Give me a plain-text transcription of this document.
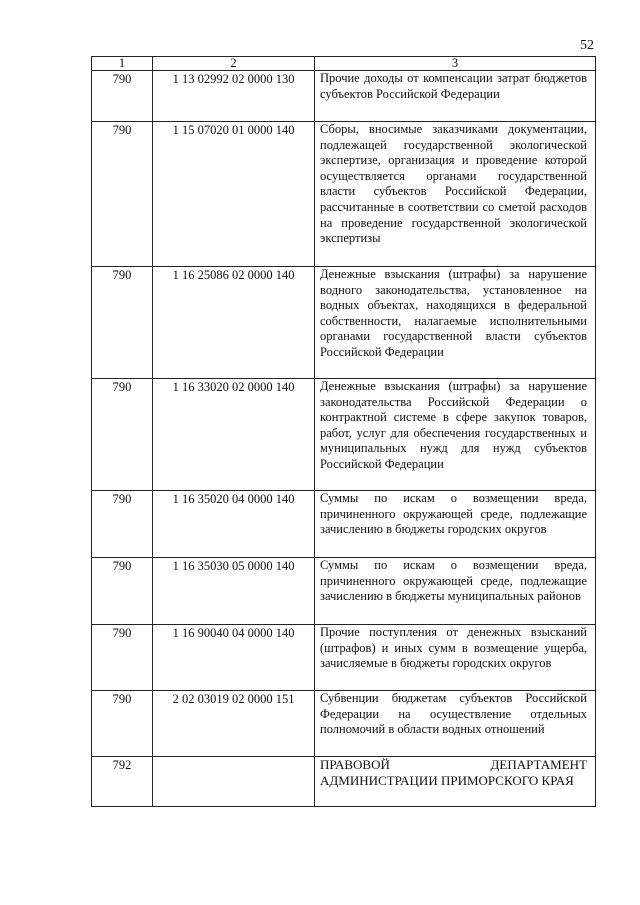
52
1	2	3
790	1 13 02992 02 0000 130	Прочие доходы от компенсации затрат бюджетов субъектов Российской Федерации
790	1 15 07020 01 0000 140	Сборы, вносимые заказчиками документации, подлежащей государственной экологической экспертизе, организация и проведение которой осуществляется органами государственной власти субъектов Российской Федерации, рассчитанные в соответствии со сметой расходов на проведение государственной экологической экспертизы
790	1 16 25086 02 0000 140	Денежные взыскания (штрафы) за нарушение водного законодательства, установленное на водных объектах, находящихся в федеральной собственности, налагаемые исполнительными органами государственной власти субъектов Российской Федерации
790	1 16 33020 02 0000 140	Денежные взыскания (штрафы) за нарушение законодательства Российской Федерации о контрактной системе в сфере закупок товаров, работ, услуг для обеспечения государственных и муниципальных нужд для нужд субъектов Российской Федерации
790	1 16 35020 04 0000 140	Суммы по искам о возмещении вреда, причиненного окружающей среде, подлежащие зачислению в бюджеты городских округов
790	1 16 35030 05 0000 140	Суммы по искам о возмещении вреда, причиненного окружающей среде, подлежащие зачислению в бюджеты муниципальных районов
790	1 16 90040 04 0000 140	Прочие поступления от денежных взысканий (штрафов) и иных сумм в возмещение ущерба, зачисляемые в бюджеты городских округов
790	2 02 03019 02 0000 151	Субвенции бюджетам субъектов Российской Федерации на осуществление отдельных полномочий в области водных отношений
792		ПРАВОВОЙ ДЕПАРТАМЕНТ АДМИНИСТРАЦИИ ПРИМОРСКОГО КРАЯ
